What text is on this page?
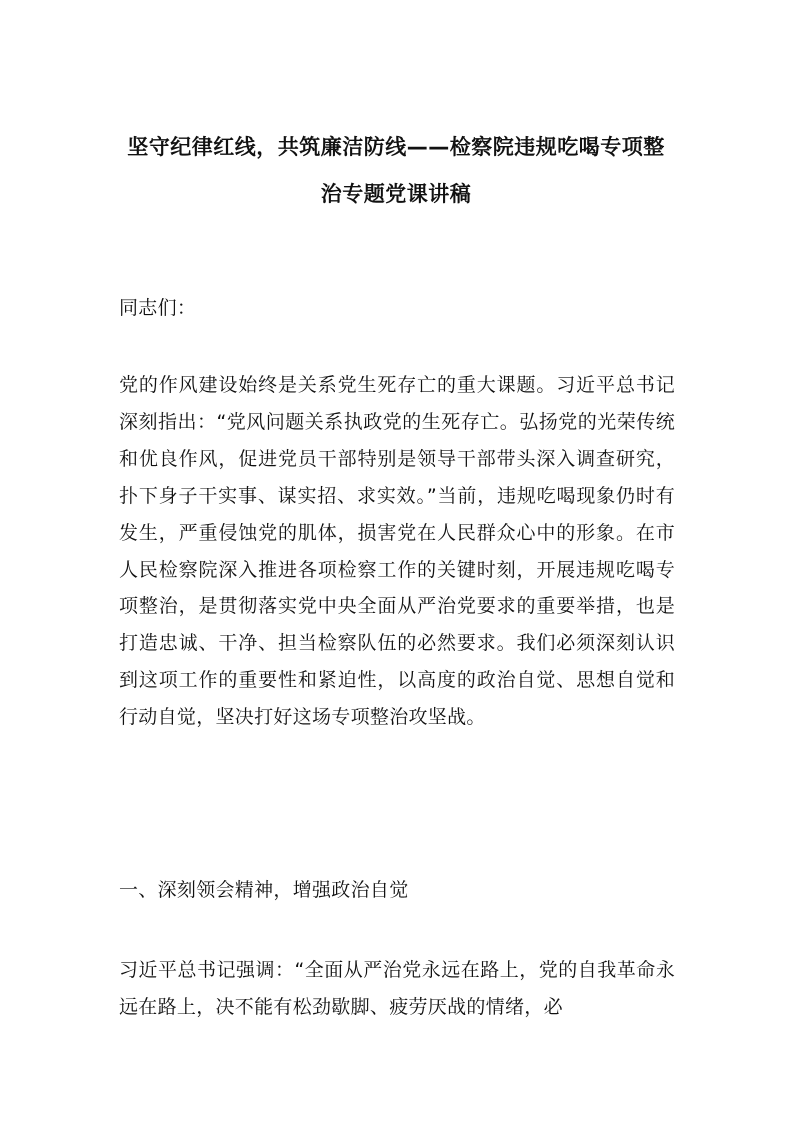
坚守纪律红线，共筑廉洁防线——检察院违规吃喝专项整治专题党课讲稿

同志们：

党的作风建设始终是关系党生死存亡的重大课题。习近平总书记深刻指出：“党风问题关系执政党的生死存亡。弘扬党的光荣传统和优良作风，促进党员干部特别是领导干部带头深入调查研究，扑下身子干实事、谋实招、求实效。”当前，违规吃喝现象仍时有发生，严重侵蚀党的肌体，损害党在人民群众心中的形象。在市人民检察院深入推进各项检察工作的关键时刻，开展违规吃喝专项整治，是贯彻落实党中央全面从严治党要求的重要举措，也是打造忠诚、干净、担当检察队伍的必然要求。我们必须深刻认识到这项工作的重要性和紧迫性，以高度的政治自觉、思想自觉和行动自觉，坚决打好这场专项整治攻坚战。

一、深刻领会精神，增强政治自觉

习近平总书记强调：“全面从严治党永远在路上，党的自我革命永远在路上，决不能有松劲歇脚、疲劳厌战的情绪，必
